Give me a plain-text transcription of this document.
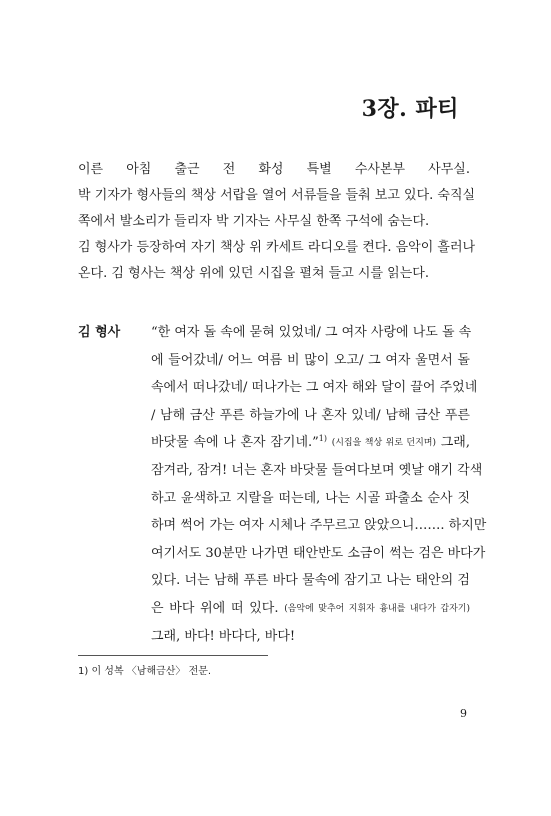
3장. 파티
이른 아침 출근 전 화성 특별 수사본부 사무실.
박 기자가 형사들의 책상 서랍을 열어 서류들을 들춰 보고 있다. 숙직실
쪽에서 발소리가 들리자 박 기자는 사무실 한쪽 구석에 숨는다.
김 형사가 등장하여 자기 책상 위 카세트 라디오를 켠다. 음악이 흘러나
온다. 김 형사는 책상 위에 있던 시집을 펼쳐 들고 시를 읽는다.
김 형사 “한 여자 돌 속에 묻혀 있었네/ 그 여자 사랑에 나도 돌 속
에 들어갔네/ 어느 여름 비 많이 오고/ 그 여자 울면서 돌
속에서 떠나갔네/ 떠나가는 그 여자 해와 달이 끌어 주었네
/ 남해 금산 푸른 하늘가에 나 혼자 있네/ 남해 금산 푸른
바닷물 속에 나 혼자 잠기네.”$^{1)}$ (시집을 책상 위로 던지며) 그래,
잠겨라, 잠겨! 너는 혼자 바닷물 들여다보며 옛날 얘기 각색
하고 윤색하고 지랄을 떠는데, 나는 시골 파출소 순사 짓
하며 썩어 가는 여자 시체나 주무르고 앉았으니……. 하지만
여기서도 30분만 나가면 태안반도 소금이 썩는 검은 바다가
있다. 너는 남해 푸른 바다 물속에 잠기고 나는 태안의 검
은 바다 위에 떠 있다. (음악에 맞추어 지휘자 흉내를 내다가 갑자기)
그래, 바다! 바다다, 바다!
1) 이 성복 〈남해금산〉 전문.
9
